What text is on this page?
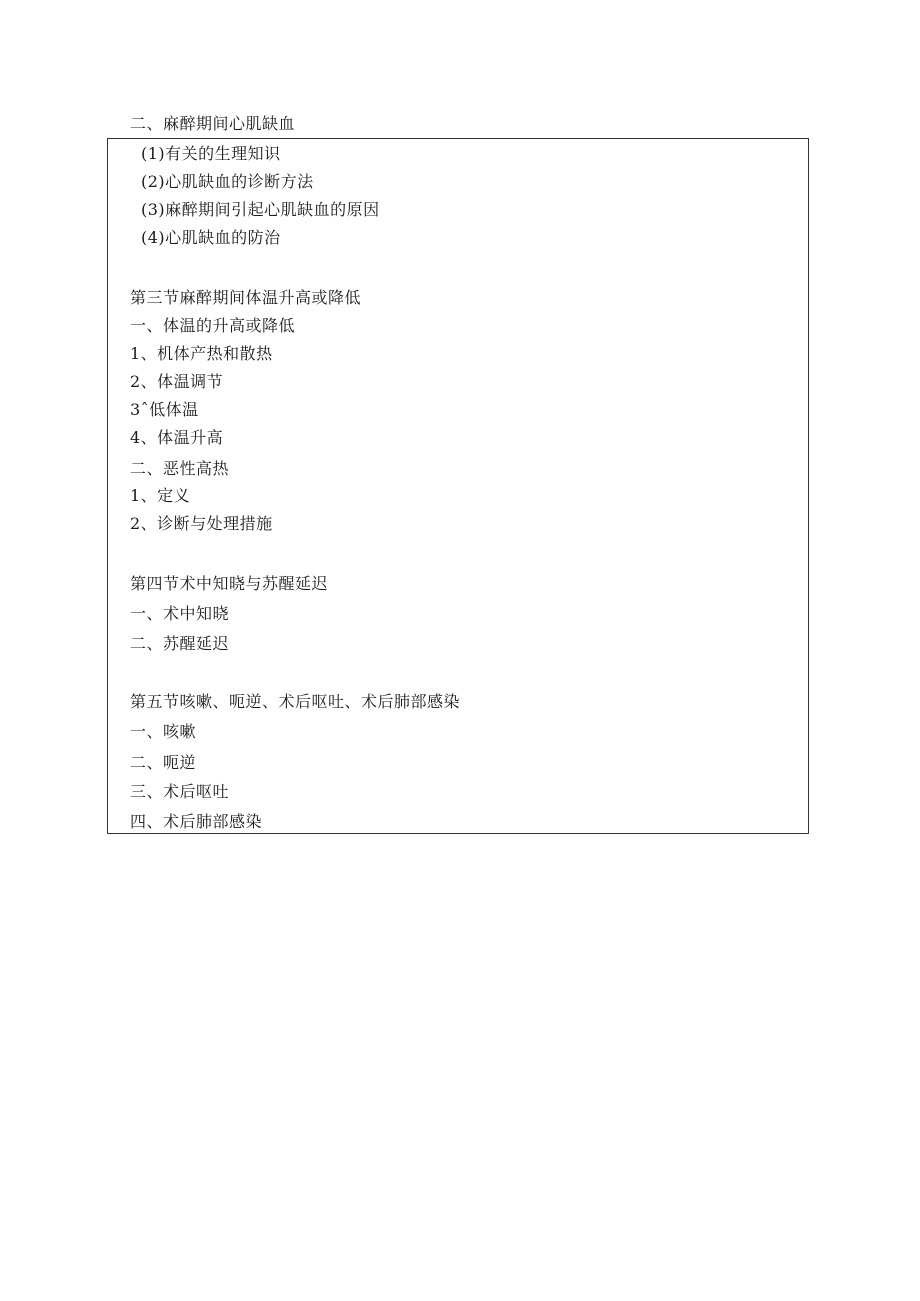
二、麻醉期间心肌缺血
(1)有关的生理知识
(2)心肌缺血的诊断方法
(3)麻醉期间引起心肌缺血的原因
(4)心肌缺血的防治
第三节麻醉期间体温升高或降低
一、体温的升高或降低
1、机体产热和散热
2、体温调节
3ˆ低体温
4、体温升高
二、恶性高热
1、定义
2、诊断与处理措施
第四节术中知晓与苏醒延迟
一、术中知晓
二、苏醒延迟
第五节咳嗽、呃逆、术后呕吐、术后肺部感染
一、咳嗽
二、呃逆
三、术后呕吐
四、术后肺部感染
